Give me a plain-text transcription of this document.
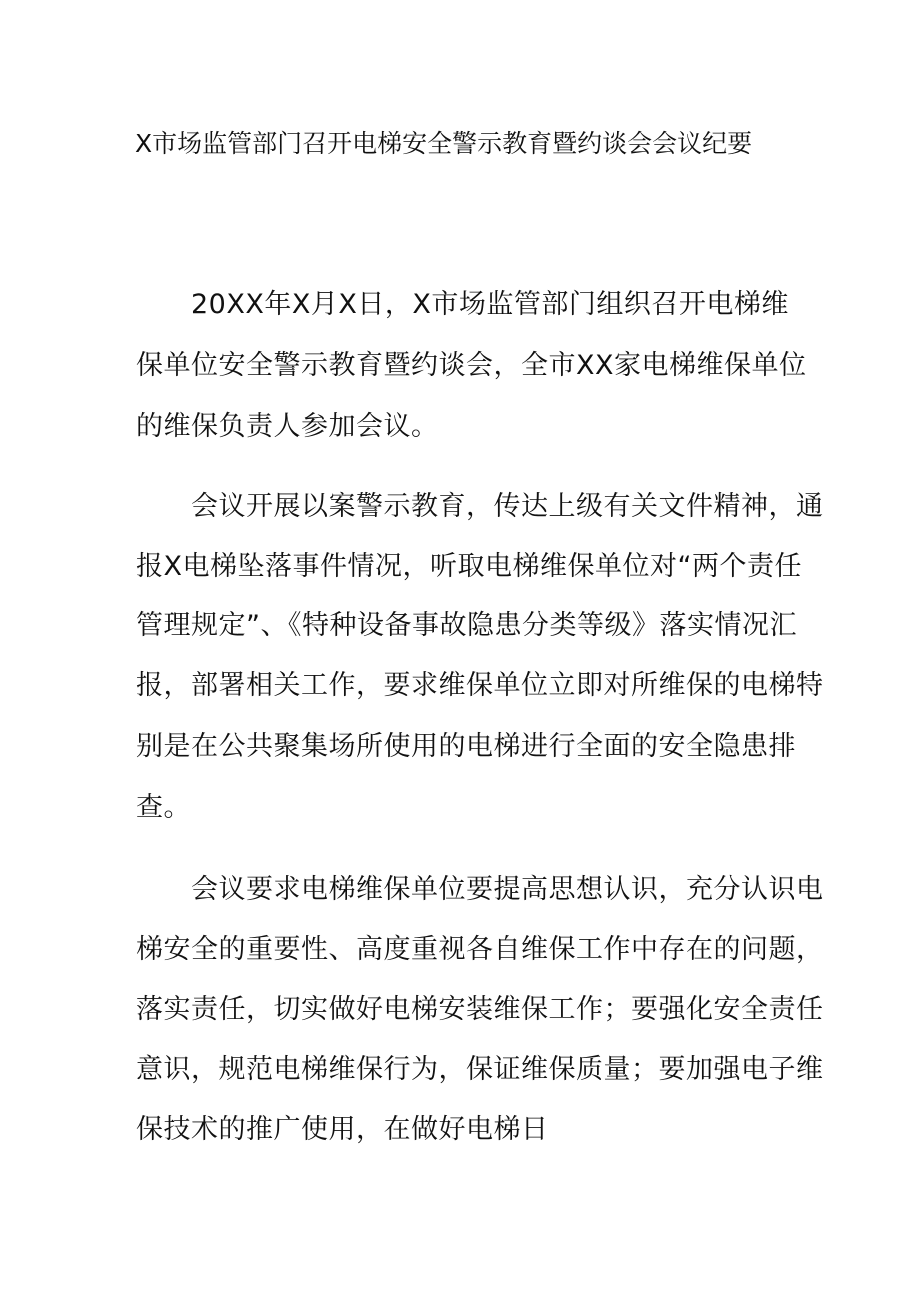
X市场监管部门召开电梯安全警示教育暨约谈会会议纪要
20XX年X月X日，X市场监管部门组织召开电梯维
保单位安全警示教育暨约谈会，全市XX家电梯维保单位
的维保负责人参加会议。
会议开展以案警示教育，传达上级有关文件精神，通
报X电梯坠落事件情况，听取电梯维保单位对“两个责任
管理规定”、《特种设备事故隐患分类等级》落实情况汇
报，部署相关工作，要求维保单位立即对所维保的电梯特
别是在公共聚集场所使用的电梯进行全面的安全隐患排
查。
会议要求电梯维保单位要提高思想认识，充分认识电
梯安全的重要性、高度重视各自维保工作中存在的问题，
落实责任，切实做好电梯安装维保工作；要强化安全责任
意识，规范电梯维保行为，保证维保质量；要加强电子维
保技术的推广使用，在做好电梯日
